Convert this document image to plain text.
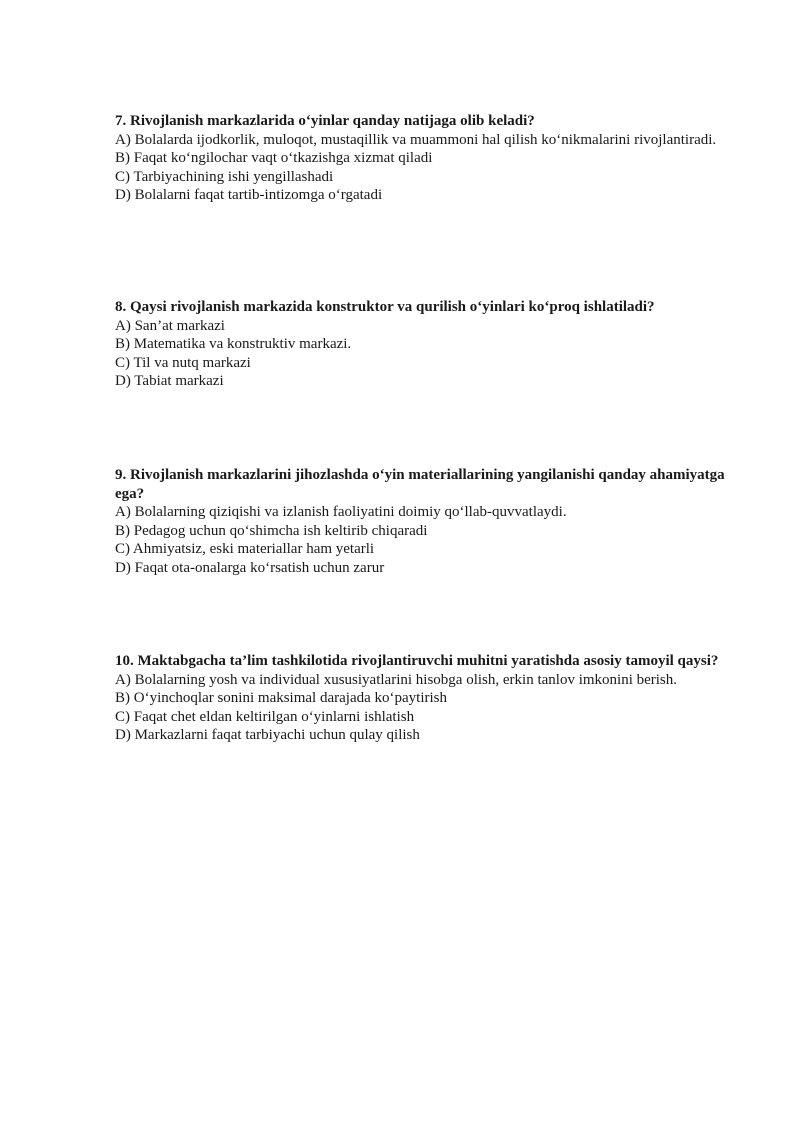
7. Rivojlanish markazlarida o‘yinlar qanday natijaga olib keladi?

A) Bolalarda ijodkorlik, muloqot, mustaqillik va muammoni hal qilish ko‘nikmalarini rivojlantiradi.

B) Faqat ko‘ngilochar vaqt o‘tkazishga xizmat qiladi

C) Tarbiyachining ishi yengillashadi

D) Bolalarni faqat tartib-intizomga o‘rgatadi

8. Qaysi rivojlanish markazida konstruktor va qurilish o‘yinlari ko‘proq ishlatiladi?

A) San’at markazi

B) Matematika va konstruktiv markazi.

C) Til va nutq markazi

D) Tabiat markazi

9. Rivojlanish markazlarini jihozlashda o‘yin materiallarining yangilanishi qanday ahamiyatga ega?

A) Bolalarning qiziqishi va izlanish faoliyatini doimiy qo‘llab-quvvatlaydi.

B) Pedagog uchun qo‘shimcha ish keltirib chiqaradi

C) Ahmiyatsiz, eski materiallar ham yetarli

D) Faqat ota-onalarga ko‘rsatish uchun zarur

10. Maktabgacha ta’lim tashkilotida rivojlantiruvchi muhitni yaratishda asosiy tamoyil qaysi?

A) Bolalarning yosh va individual xususiyatlarini hisobga olish, erkin tanlov imkonini berish.

B) O‘yinchoqlar sonini maksimal darajada ko‘paytirish

C) Faqat chet eldan keltirilgan o‘yinlarni ishlatish

D) Markazlarni faqat tarbiyachi uchun qulay qilish
